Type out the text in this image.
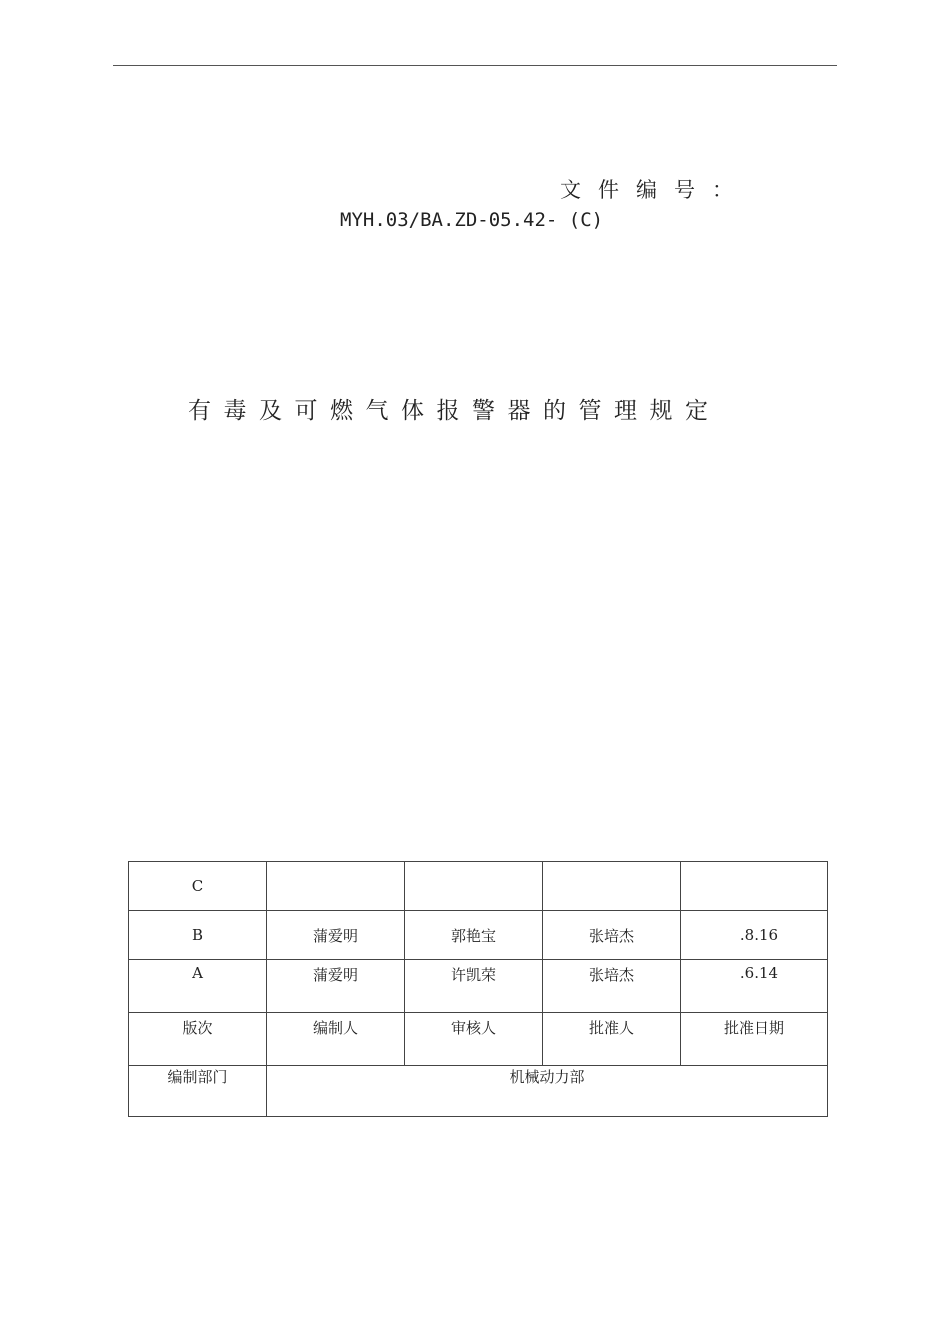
文件编号：
MYH.03/BA.ZD-05.42- (C)
有毒及可燃气体报警器的管理规定
C				
B	蒲爱明	郭艳宝	张培杰	.8.16
A	蒲爱明	许凯荣	张培杰	.6.14
版次	编制人	审核人	批准人	批准日期
编制部门	机械动力部			
